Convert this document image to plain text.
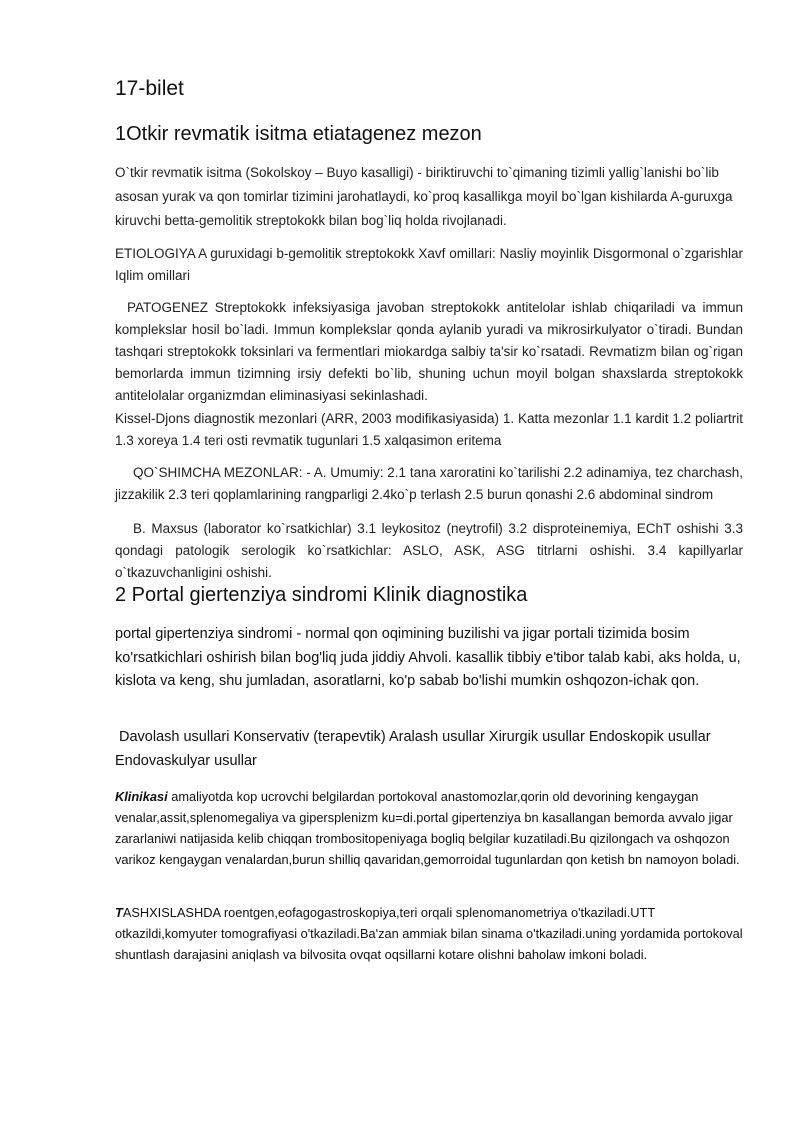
17-bilet

1Otkir revmatik isitma etiatagenez mezon

O`tkir revmatik isitma (Sokolskoy – Buyo kasalligi) - biriktiruvchi to`qimaning tizimli yallig`lanishi bo`lib asosan yurak va qon tomirlar tizimini jarohatlaydi, ko`proq kasallikga moyil bo`lgan kishilarda A-guruxga kiruvchi betta-gemolitik streptokokk bilan bog`liq holda rivojlanadi.

ETIOLOGIYA A guruxidagi b-gemolitik streptokokk Xavf omillari: Nasliy moyinlik Disgormonal o`zgarishlar Iqlim omillari

PATOGENEZ Streptokokk infeksiyasiga javoban streptokokk antitelolar ishlab chiqariladi va immun komplekslar hosil bo`ladi. Immun komplekslar qonda aylanib yuradi va mikrosirkulyator o`tiradi. Bundan tashqari streptokokk toksinlari va fermentlari miokardga salbiy ta'sir ko`rsatadi. Revmatizm bilan og`rigan bemorlarda immun tizimning irsiy defekti bo`lib, shuning uchun moyil bolgan shaxslarda streptokokk antitelolalar organizmdan eliminasiyasi sekinlashadi.

Kissel-Djons diagnostik mezonlari (ARR, 2003 modifikasiyasida) 1. Katta mezonlar 1.1 kardit 1.2 poliartrit 1.3 xoreya 1.4 teri osti revmatik tugunlari 1.5 xalqasimon eritema

QO`SHIMCHA MEZONLAR: - A. Umumiy: 2.1 tana xaroratini ko`tarilishi 2.2 adinamiya, tez charchash, jizzakilik 2.3 teri qoplamlarining rangparligi 2.4ko`p terlash 2.5 burun qonashi 2.6 abdominal sindrom

B. Maxsus (laborator ko`rsatkichlar) 3.1 leykositoz (neytrofil) 3.2 disproteinemiya, EChT oshishi 3.3 qondagi patologik serologik ko`rsatkichlar: ASLO, ASK, ASG titrlarni oshishi. 3.4 kapillyarlar o`tkazuvchanligini oshishi.

2 Portal giertenziya sindromi Klinik diagnostika

portal gipertenziya sindromi - normal qon oqimining buzilishi va jigar portali tizimida bosim ko'rsatkichlari oshirish bilan bog'liq juda jiddiy Ahvoli. kasallik tibbiy e'tibor talab kabi, aks holda, u, kislota va keng, shu jumladan, asoratlarni, ko'p sabab bo'lishi mumkin oshqozon-ichak qon.

Davolash usullari Konservativ (terapevtik) Aralash usullar Xirurgik usullar Endoskopik usullar Endovaskulyar usullar

Klinikasi amaliyotda kop ucrovchi belgilardan portokoval anastomozlar,qorin old devorining kengaygan venalar,assit,splenomegaliya va gipersplenizm ku=di.portal gipertenziya bn kasallangan bemorda avvalo jigar zararlaniwi natijasida kelib chiqqan trombositopeniyaga bogliq belgilar kuzatiladi.Bu qizilongach va oshqozon varikoz kengaygan venalardan,burun shilliq qavaridan,gemorroidal tugunlardan qon ketish bn namoyon boladi.

TASHXISLASHDA roentgen,eofagogastroskopiya,teri orqali splenomanometriya o'tkaziladi.UTT otkazildi,komyuter tomografiyasi o'tkaziladi.Ba'zan ammiak bilan sinama o'tkaziladi.uning yordamida portokoval shuntlash darajasini aniqlash va bilvosita ovqat oqsillarni kotare olishni baholaw imkoni boladi.
